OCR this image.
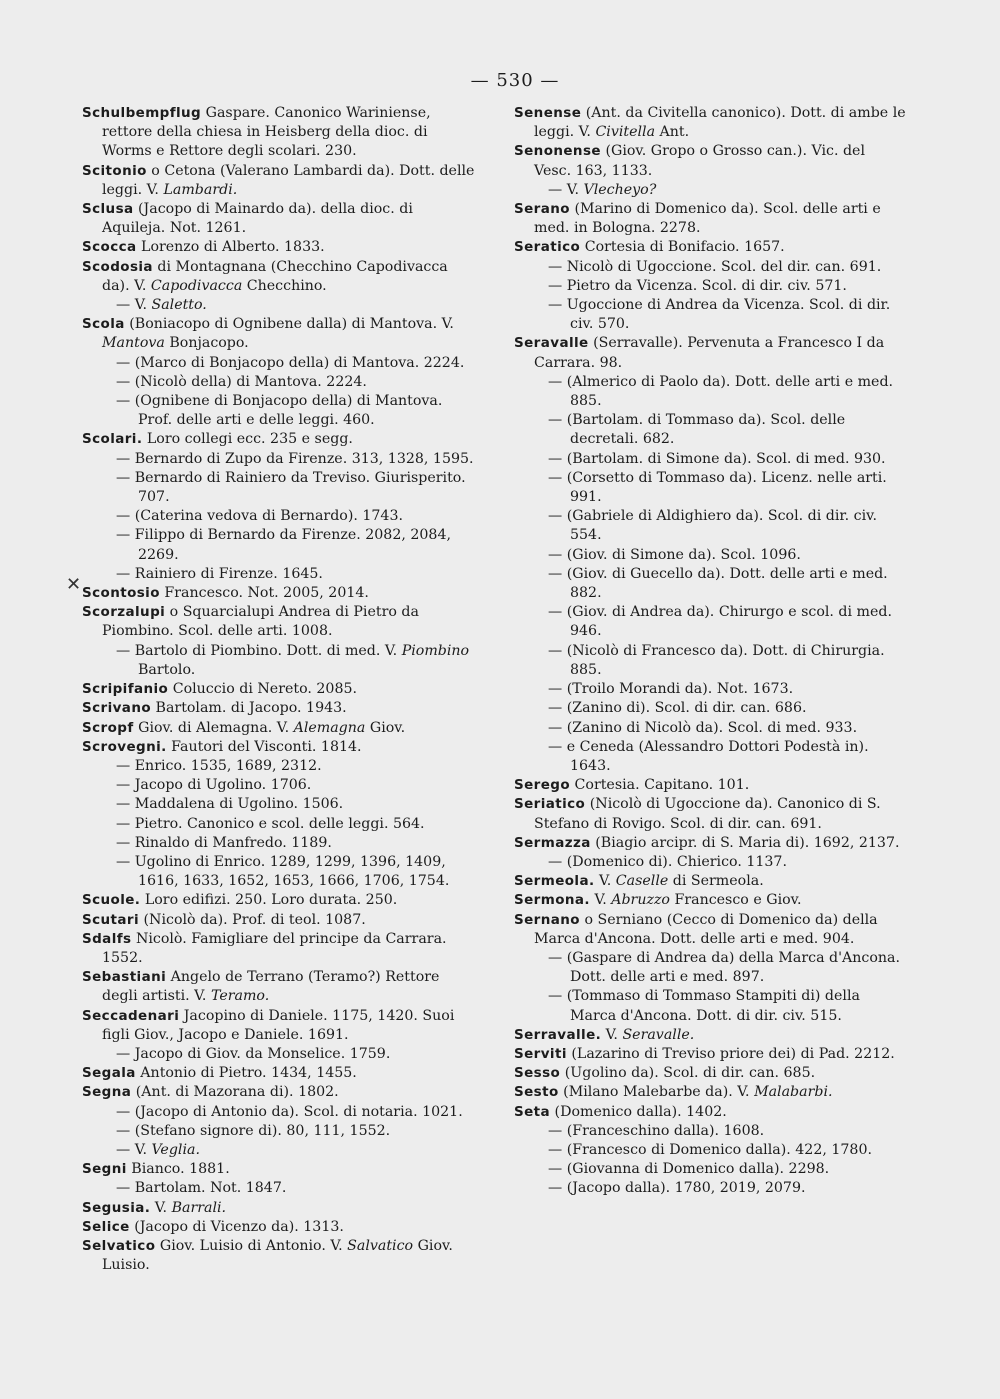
— 530 —
✕

Schulbempflug Gaspare. Canonico Wariniense, rettore della chiesa in Heisberg della dioc. di Worms e Rettore degli scolari. 230.

Scitonio o Cetona (Valerano Lambardi da). Dott. delle leggi. V. Lambardi.

Sclusa (Jacopo di Mainardo da). della dioc. di Aquileja. Not. 1261.

Scocca Lorenzo di Alberto. 1833.

Scodosia di Montagnana (Checchino Capodivacca da). V. Capodivacca Checchino.

— V. Saletto.

Scola (Boniacopo di Ognibene dalla) di Mantova. V. Mantova Bonjacopo.

— (Marco di Bonjacopo della) di Mantova. 2224.

— (Nicolò della) di Mantova. 2224.

— (Ognibene di Bonjacopo della) di Mantova. Prof. delle arti e delle leggi. 460.

Scolari. Loro collegi ecc. 235 e segg.

— Bernardo di Zupo da Firenze. 313, 1328, 1595.

— Bernardo di Rainiero da Treviso. Giurisperito. 707.

— (Caterina vedova di Bernardo). 1743.

— Filippo di Bernardo da Firenze. 2082, 2084, 2269.

— Rainiero di Firenze. 1645.

Scontosio Francesco. Not. 2005, 2014.

Scorzalupi o Squarcialupi Andrea di Pietro da Piombino. Scol. delle arti. 1008.

— Bartolo di Piombino. Dott. di med. V. Piombino Bartolo.

Scripifanio Coluccio di Nereto. 2085.

Scrivano Bartolam. di Jacopo. 1943.

Scropf Giov. di Alemagna. V. Alemagna Giov.

Scrovegni. Fautori del Visconti. 1814.

— Enrico. 1535, 1689, 2312.

— Jacopo di Ugolino. 1706.

— Maddalena di Ugolino. 1506.

— Pietro. Canonico e scol. delle leggi. 564.

— Rinaldo di Manfredo. 1189.

— Ugolino di Enrico. 1289, 1299, 1396, 1409, 1616, 1633, 1652, 1653, 1666, 1706, 1754.

Scuole. Loro edifizi. 250. Loro durata. 250.

Scutari (Nicolò da). Prof. di teol. 1087.

Sdalfs Nicolò. Famigliare del principe da Carrara. 1552.

Sebastiani Angelo de Terrano (Teramo?) Rettore degli artisti. V. Teramo.

Seccadenari Jacopino di Daniele. 1175, 1420. Suoi figli Giov., Jacopo e Daniele. 1691.

— Jacopo di Giov. da Monselice. 1759.

Segala Antonio di Pietro. 1434, 1455.

Segna (Ant. di Mazorana di). 1802.

— (Jacopo di Antonio da). Scol. di notaria. 1021.

— (Stefano signore di). 80, 111, 1552.

— V. Veglia.

Segni Bianco. 1881.

— Bartolam. Not. 1847.

Segusia. V. Barrali.

Selice (Jacopo di Vicenzo da). 1313.

Selvatico Giov. Luisio di Antonio. V. Salvatico Giov. Luisio.

Senense (Ant. da Civitella canonico). Dott. di ambe le leggi. V. Civitella Ant.

Senonense (Giov. Gropo o Grosso can.). Vic. del Vesc. 163, 1133.

— V. Vlecheyo?

Serano (Marino di Domenico da). Scol. delle arti e med. in Bologna. 2278.

Seratico Cortesia di Bonifacio. 1657.

— Nicolò di Ugoccione. Scol. del dir. can. 691.

— Pietro da Vicenza. Scol. di dir. civ. 571.

— Ugoccione di Andrea da Vicenza. Scol. di dir. civ. 570.

Seravalle (Serravalle). Pervenuta a Francesco I da Carrara. 98.

— (Almerico di Paolo da). Dott. delle arti e med. 885.

— (Bartolam. di Tommaso da). Scol. delle decretali. 682.

— (Bartolam. di Simone da). Scol. di med. 930.

— (Corsetto di Tommaso da). Licenz. nelle arti. 991.

— (Gabriele di Aldighiero da). Scol. di dir. civ. 554.

— (Giov. di Simone da). Scol. 1096.

— (Giov. di Guecello da). Dott. delle arti e med. 882.

— (Giov. di Andrea da). Chirurgo e scol. di med. 946.

— (Nicolò di Francesco da). Dott. di Chirurgia. 885.

— (Troilo Morandi da). Not. 1673.

— (Zanino di). Scol. di dir. can. 686.

— (Zanino di Nicolò da). Scol. di med. 933.

— e Ceneda (Alessandro Dottori Podestà in). 1643.

Serego Cortesia. Capitano. 101.

Seriatico (Nicolò di Ugoccione da). Canonico di S. Stefano di Rovigo. Scol. di dir. can. 691.

Sermazza (Biagio arcipr. di S. Maria di). 1692, 2137.

— (Domenico di). Chierico. 1137.

Sermeola. V. Caselle di Sermeola.

Sermona. V. Abruzzo Francesco e Giov.

Sernano o Serniano (Cecco di Domenico da) della Marca d'Ancona. Dott. delle arti e med. 904.

— (Gaspare di Andrea da) della Marca d'Ancona. Dott. delle arti e med. 897.

— (Tommaso di Tommaso Stampiti di) della Marca d'Ancona. Dott. di dir. civ. 515.

Serravalle. V. Seravalle.

Serviti (Lazarino di Treviso priore dei) di Pad. 2212.

Sesso (Ugolino da). Scol. di dir. can. 685.

Sesto (Milano Malebarbe da). V. Malabarbi.

Seta (Domenico dalla). 1402.

— (Franceschino dalla). 1608.

— (Francesco di Domenico dalla). 422, 1780.

— (Giovanna di Domenico dalla). 2298.

— (Jacopo dalla). 1780, 2019, 2079.
